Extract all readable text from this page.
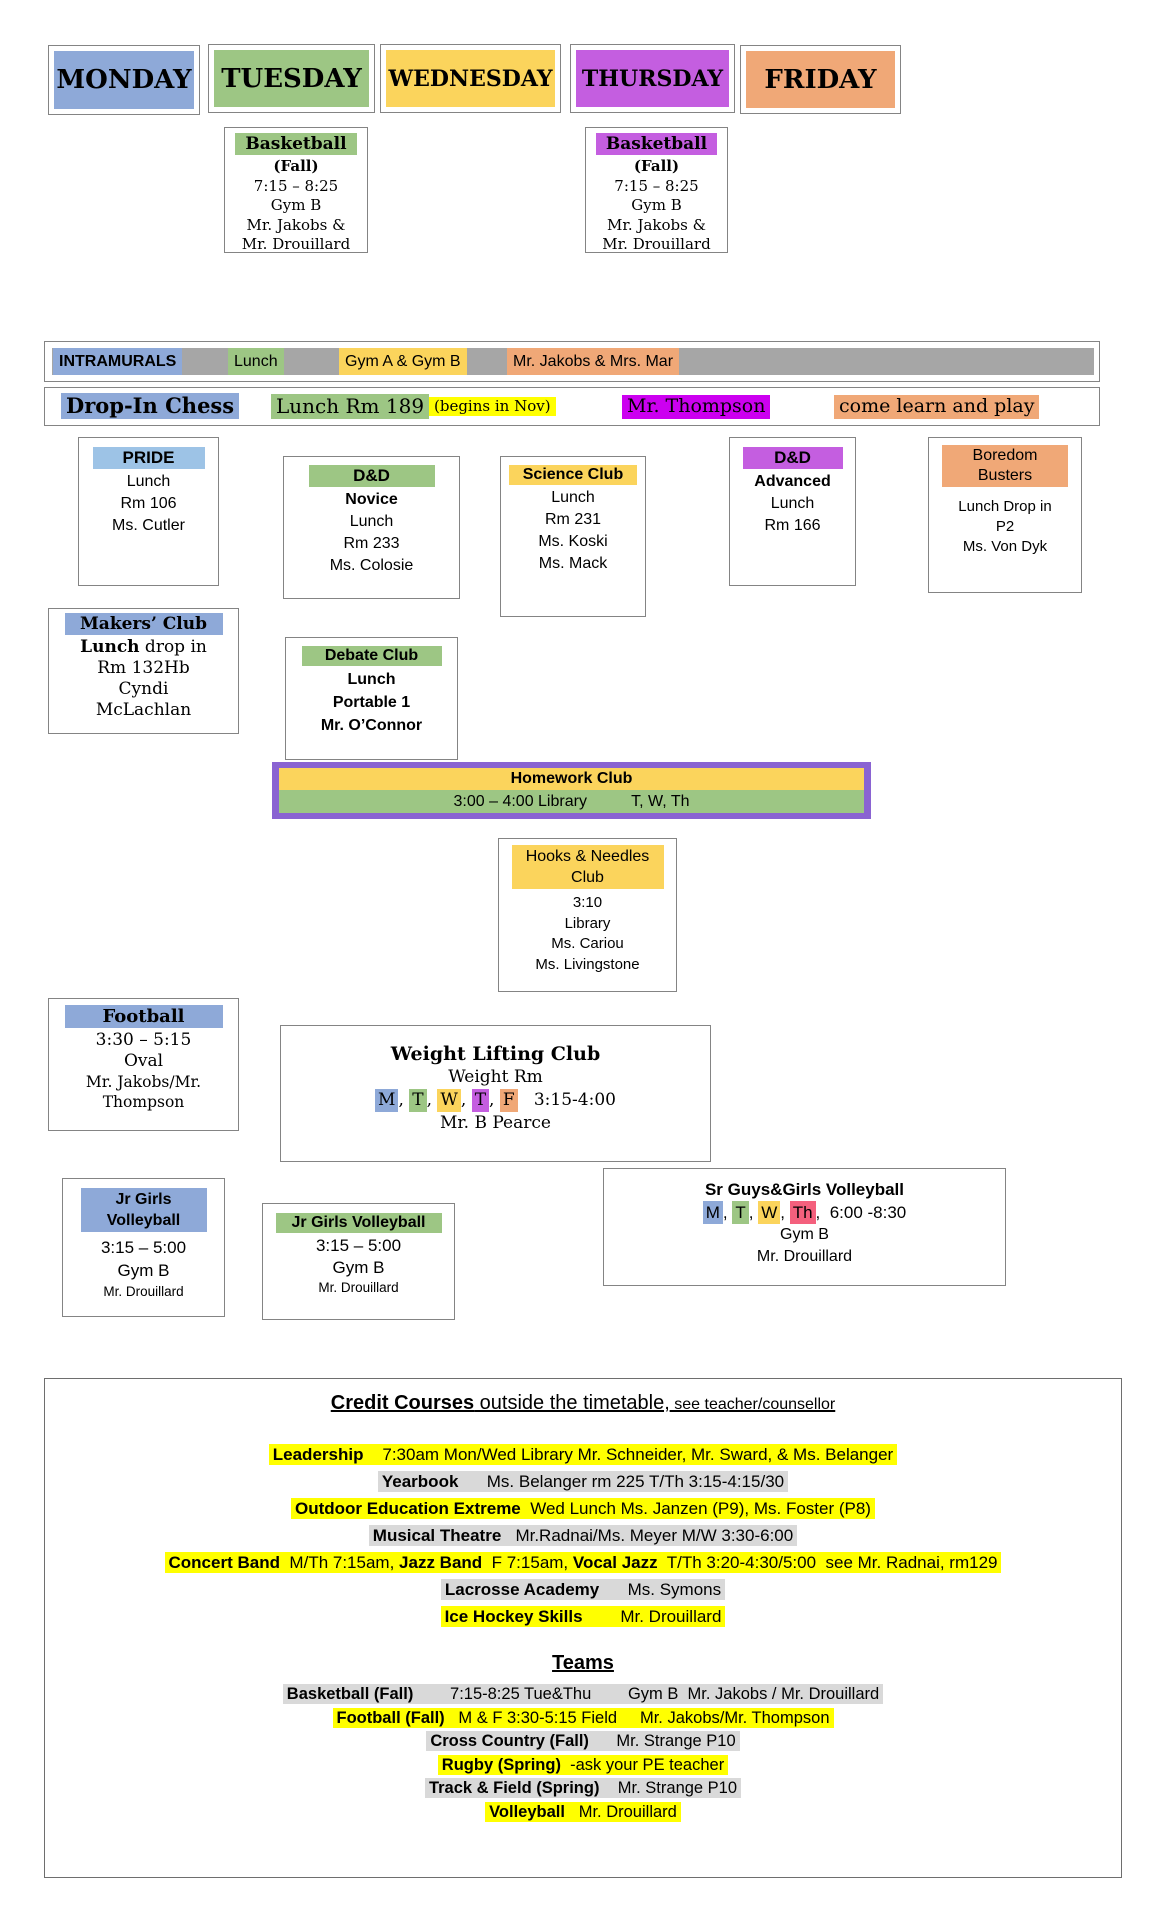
MONDAY TUESDAY	WEDNESDAY THURSDAY	FRIDAY
Basketball
(Fall)
7:15 – 8:25
Gym B
Mr. Jakobs &
Mr. Drouillard
Basketball
(Fall)
7:15 – 8:25
Gym B
Mr. Jakobs &
Mr. Drouillard
INTRAMURALS	Lunch	Gym A & Gym B	Mr. Jakobs & Mrs. Mar
Drop-In Chess Lunch Rm 189 (begins in Nov)	Mr. Thompson	come learn and play
PRIDE
Lunch
Rm 106
Ms. Cutler
D&D
Novice
Lunch
Rm 233
Ms. Colosie
Science Club
Lunch
Rm 231
Ms. Koski
Ms. Mack
D&D
Advanced
Lunch
Rm 166
Boredom
Busters
Lunch Drop in
P2
Ms. Von Dyk
Makers’ Club
Lunch drop in
Rm 132Hb
Cyndi
McLachlan
Debate Club
Lunch
Portable 1
Mr. O’Connor
Homework Club
3:00 – 4:00 Library          T, W, Th
Hooks & Needles
Club
3:10
Library
Ms. Cariou
Ms. Livingstone
Football
3:30 – 5:15
Oval
Mr. Jakobs/Mr.
Thompson
Weight Lifting Club
Weight Rm
M , T , W , T , F   3:15-4:00
Mr. B Pearce
Jr Girls
Volleyball
3:15 – 5:00
Gym B
Mr. Drouillard
Jr Girls Volleyball
3:15 – 5:00
Gym B
Mr. Drouillard
Sr Guys&Girls Volleyball
M , T , W , Th ,  6:00 -8:30
Gym B
Mr. Drouillard
Credit Courses outside the timetable, see teacher/counsellor
Leadership    7:30am Mon/Wed Library Mr. Schneider, Mr. Sward, & Ms. Belanger
Yearbook      Ms. Belanger rm 225 T/Th 3:15-4:15/30
Outdoor Education Extreme  Wed Lunch Ms. Janzen (P9), Ms. Foster (P8)
Musical Theatre   Mr.Radnai/Ms. Meyer M/W 3:30-6:00
Concert Band  M/Th 7:15am, Jazz Band  F 7:15am, Vocal Jazz  T/Th 3:20-4:30/5:00  see Mr. Radnai, rm129
Lacrosse Academy      Ms. Symons
Ice Hockey Skills        Mr. Drouillard
Teams
Basketball (Fall)        7:15-8:25 Tue&Thu        Gym B  Mr. Jakobs / Mr. Drouillard
Football (Fall)   M & F 3:30-5:15 Field     Mr. Jakobs/Mr. Thompson
Cross Country (Fall)      Mr. Strange P10
Rugby (Spring)  -ask your PE teacher
Track & Field (Spring)    Mr. Strange P10
Volleyball   Mr. Drouillard
